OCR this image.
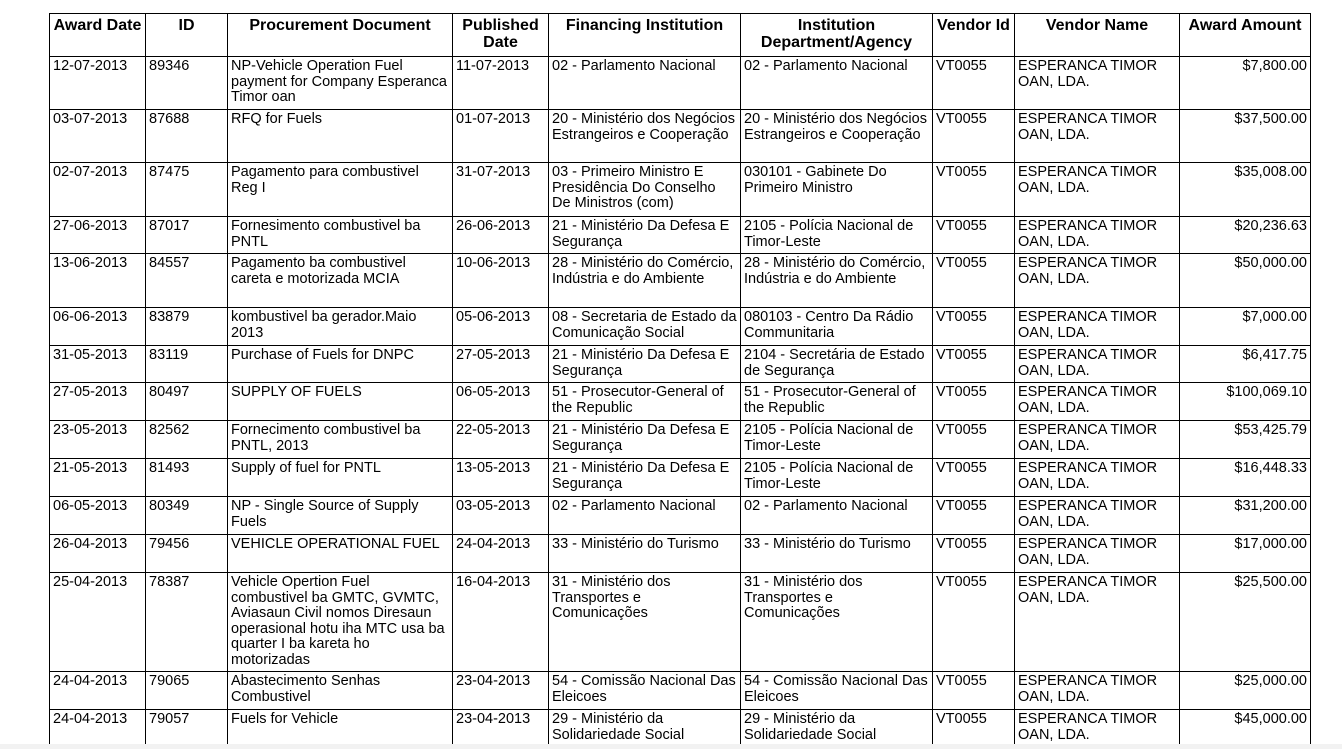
Award Date	ID	Procurement Document	Published Date	Financing Institution	Institution Department/Agency	Vendor Id	Vendor Name	Award Amount
12-07-2013	89346	NP-Vehicle Operation Fuel payment for Company Esperanca Timor oan	11-07-2013	02 - Parlamento Nacional	02 - Parlamento Nacional	VT0055	ESPERANCA TIMOR OAN, LDA.	$7,800.00
03-07-2013	87688	RFQ for Fuels	01-07-2013	20 - Ministério dos Negócios Estrangeiros e Cooperação	20 - Ministério dos Negócios Estrangeiros e Cooperação	VT0055	ESPERANCA TIMOR OAN, LDA.	$37,500.00
02-07-2013	87475	Pagamento para combustivel Reg I	31-07-2013	03 - Primeiro Ministro E Presidência Do Conselho De Ministros (com)	030101 - Gabinete Do Primeiro Ministro	VT0055	ESPERANCA TIMOR OAN, LDA.	$35,008.00
27-06-2013	87017	Fornesimento combustivel ba PNTL	26-06-2013	21 - Ministério Da Defesa E Segurança	2105 - Polícia Nacional de Timor-Leste	VT0055	ESPERANCA TIMOR OAN, LDA.	$20,236.63
13-06-2013	84557	Pagamento ba combustivel careta e motorizada MCIA	10-06-2013	28 - Ministério do Comércio, Indústria e do Ambiente	28 - Ministério do Comércio, Indústria e do Ambiente	VT0055	ESPERANCA TIMOR OAN, LDA.	$50,000.00
06-06-2013	83879	kombustivel ba gerador.Maio 2013	05-06-2013	08 - Secretaria de Estado da Comunicação Social	080103 - Centro Da Rádio Communitaria	VT0055	ESPERANCA TIMOR OAN, LDA.	$7,000.00
31-05-2013	83119	Purchase of Fuels for DNPC	27-05-2013	21 - Ministério Da Defesa E Segurança	2104 - Secretária de Estado de Segurança	VT0055	ESPERANCA TIMOR OAN, LDA.	$6,417.75
27-05-2013	80497	SUPPLY OF FUELS	06-05-2013	51 - Prosecutor-General of the Republic	51 - Prosecutor-General of the Republic	VT0055	ESPERANCA TIMOR OAN, LDA.	$100,069.10
23-05-2013	82562	Fornecimento combustivel ba PNTL, 2013	22-05-2013	21 - Ministério Da Defesa E Segurança	2105 - Polícia Nacional de Timor-Leste	VT0055	ESPERANCA TIMOR OAN, LDA.	$53,425.79
21-05-2013	81493	Supply of fuel for PNTL	13-05-2013	21 - Ministério Da Defesa E Segurança	2105 - Polícia Nacional de Timor-Leste	VT0055	ESPERANCA TIMOR OAN, LDA.	$16,448.33
06-05-2013	80349	NP - Single Source of Supply Fuels	03-05-2013	02 - Parlamento Nacional	02 - Parlamento Nacional	VT0055	ESPERANCA TIMOR OAN, LDA.	$31,200.00
26-04-2013	79456	VEHICLE OPERATIONAL FUEL	24-04-2013	33 - Ministério do Turismo	33 - Ministério do Turismo	VT0055	ESPERANCA TIMOR OAN, LDA.	$17,000.00
25-04-2013	78387	Vehicle Opertion Fuel combustivel ba GMTC, GVMTC, Aviasaun Civil nomos Diresaun operasional hotu iha MTC usa ba quarter I ba kareta ho motorizadas	16-04-2013	31 - Ministério dos Transportes e Comunicações	31 - Ministério dos Transportes e Comunicações	VT0055	ESPERANCA TIMOR OAN, LDA.	$25,500.00
24-04-2013	79065	Abastecimento Senhas Combustivel	23-04-2013	54 - Comissão Nacional Das Eleicoes	54 - Comissão Nacional Das Eleicoes	VT0055	ESPERANCA TIMOR OAN, LDA.	$25,000.00
24-04-2013	79057	Fuels for Vehicle	23-04-2013	29 - Ministério da Solidariedade Social	29 - Ministério da Solidariedade Social	VT0055	ESPERANCA TIMOR OAN, LDA.	$45,000.00
